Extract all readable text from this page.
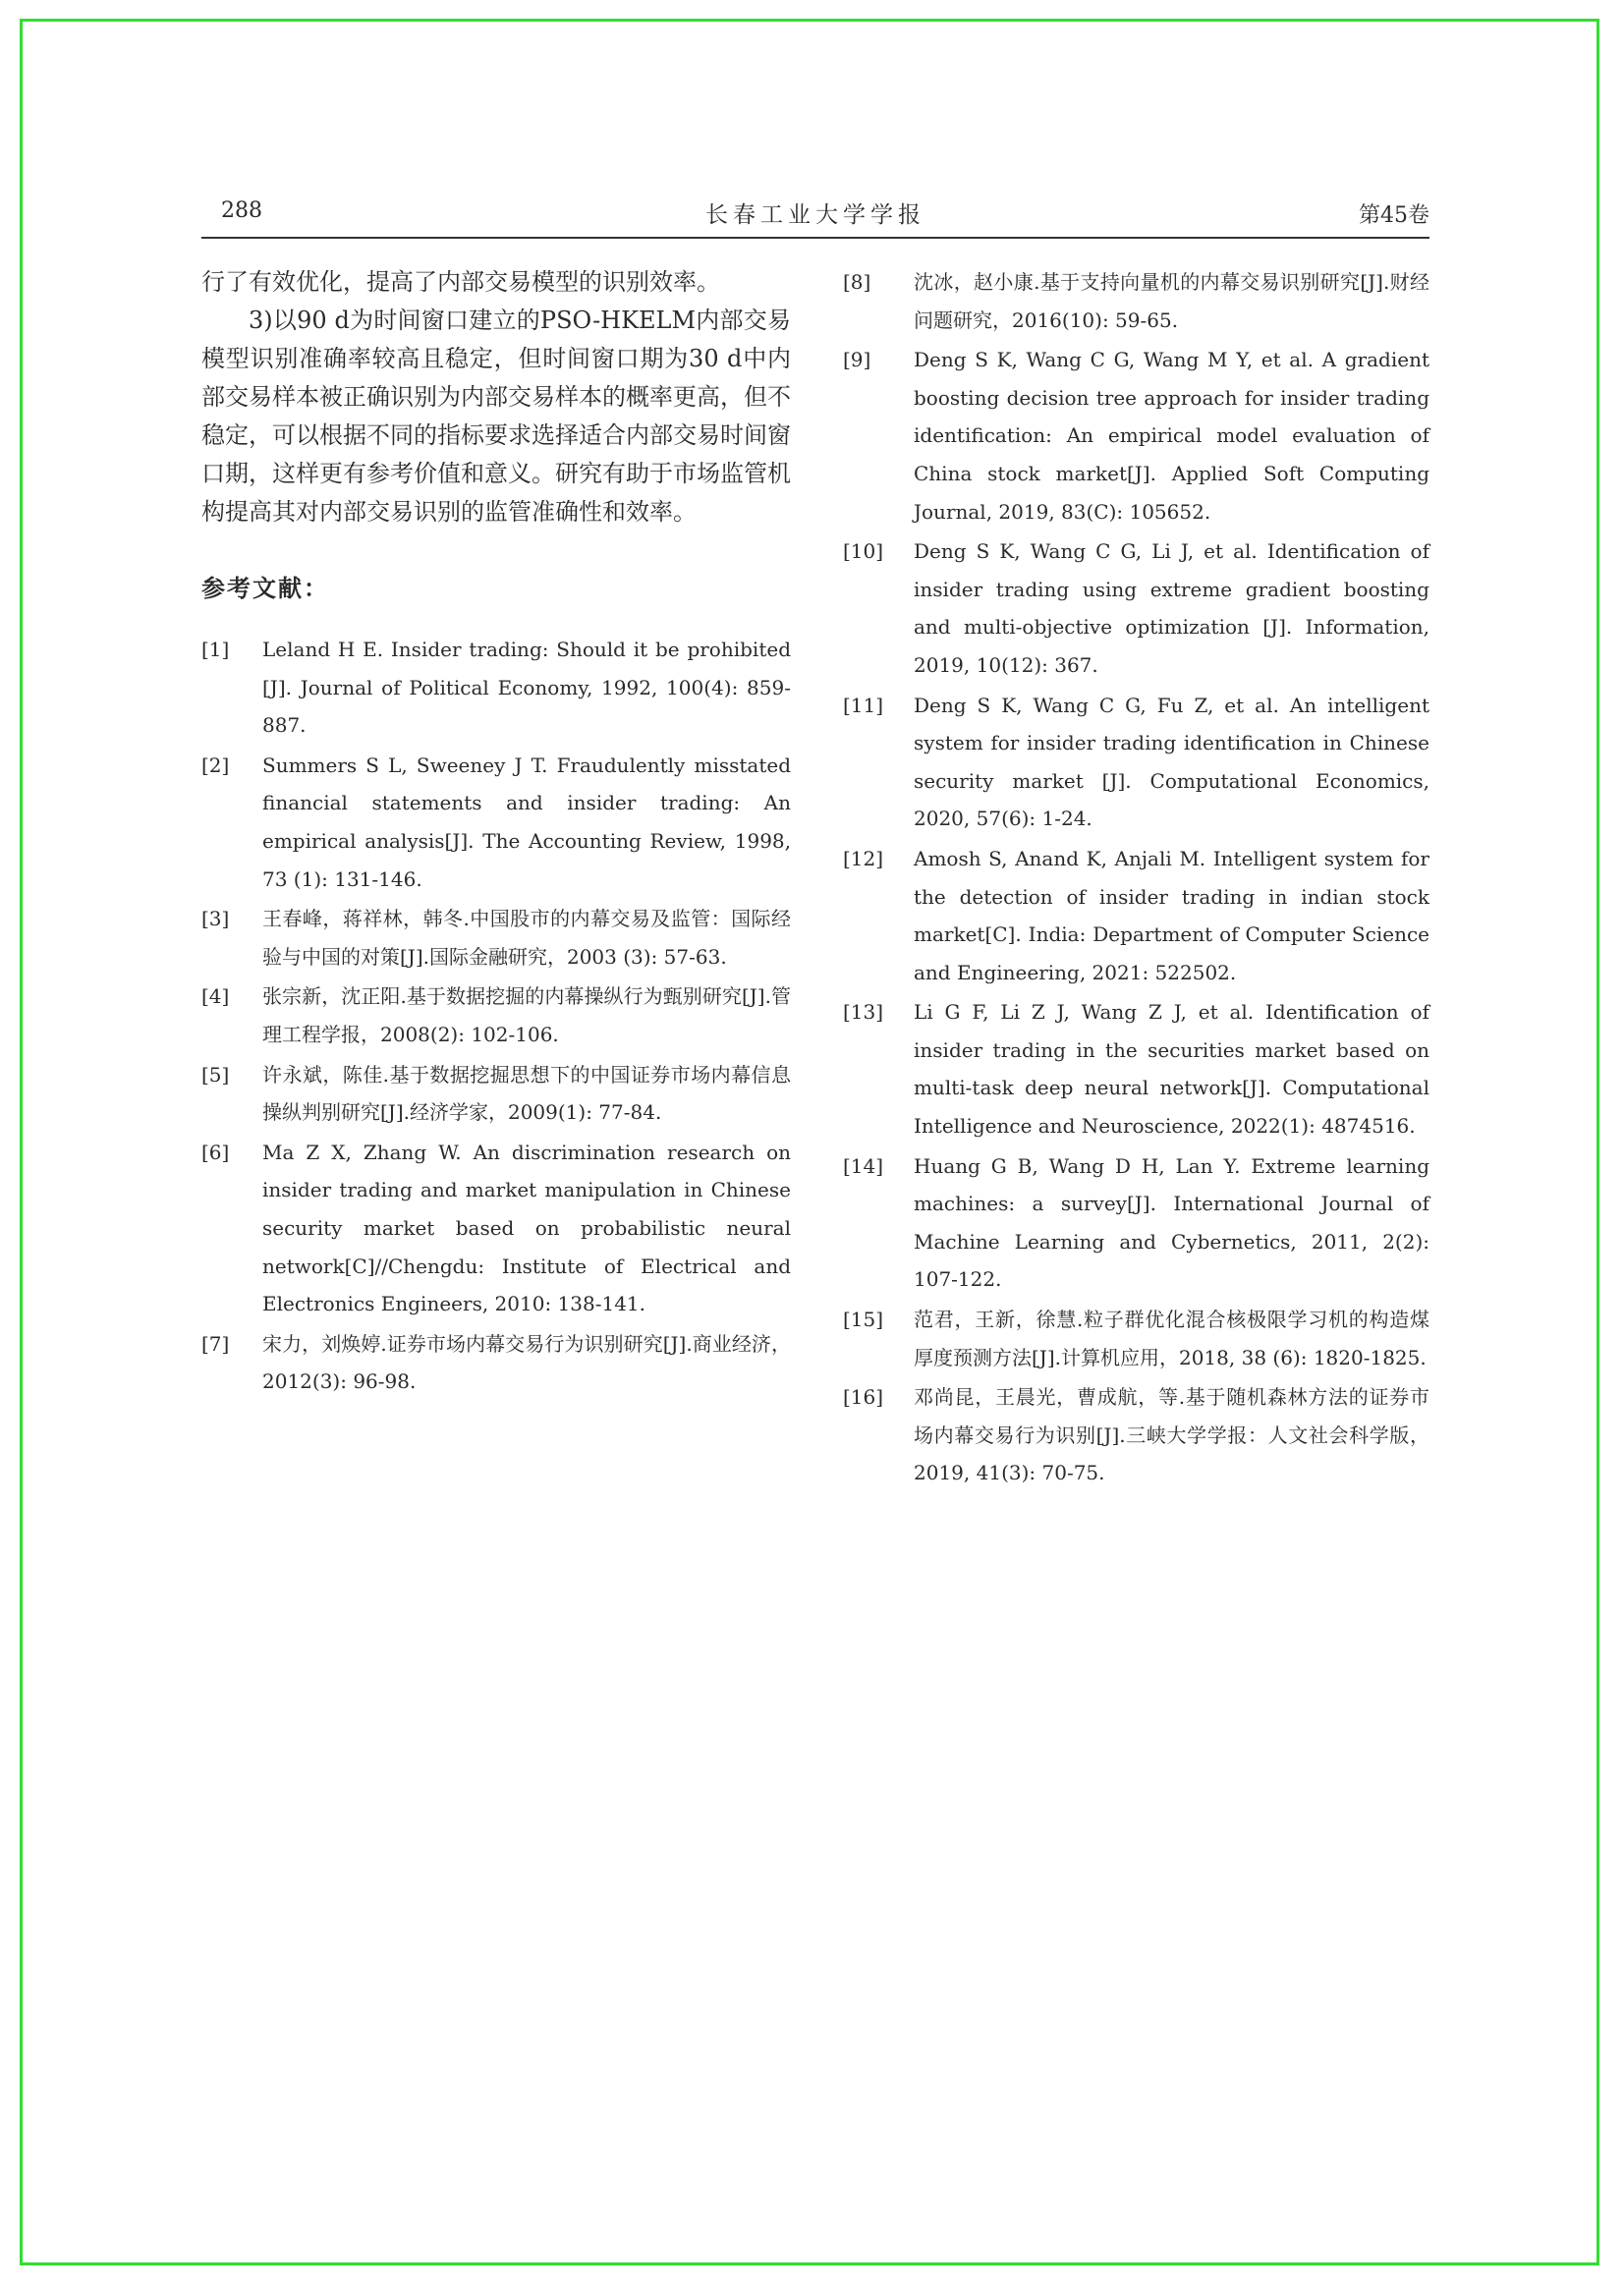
288	长春工业大学学报	第45卷

行了有效优化，提高了内部交易模型的识别效率。

3)以90 d为时间窗口建立的PSO-HKELM内部交易模型识别准确率较高且稳定，但时间窗口期为30 d中内部交易样本被正确识别为内部交易样本的概率更高，但不稳定，可以根据不同的指标要求选择适合内部交易时间窗口期，这样更有参考价值和意义。研究有助于市场监管机构提高其对内部交易识别的监管准确性和效率。

参考文献：
[1]	Leland H E. Insider trading: Should it be prohibited [J]. Journal of Political Economy, 1992, 100(4): 859-887.
[2]	Summers S L, Sweeney J T. Fraudulently misstated financial statements and insider trading: An empirical analysis[J]. The Accounting Review, 1998, 73 (1): 131-146.
[3]	王春峰，蒋祥林，韩冬.中国股市的内幕交易及监管：国际经验与中国的对策[J].国际金融研究，2003 (3): 57-63.
[4]	张宗新，沈正阳.基于数据挖掘的内幕操纵行为甄别研究[J].管理工程学报，2008(2): 102-106.
[5]	许永斌，陈佳.基于数据挖掘思想下的中国证券市场内幕信息操纵判别研究[J].经济学家，2009(1): 77-84.
[6]	Ma Z X, Zhang W. An discrimination research on insider trading and market manipulation in Chinese security market based on probabilistic neural network[C]//Chengdu: Institute of Electrical and Electronics Engineers, 2010: 138-141.
[7]	宋力，刘焕婷.证券市场内幕交易行为识别研究[J].商业经济，2012(3): 96-98.
[8]	沈冰，赵小康.基于支持向量机的内幕交易识别研究[J].财经问题研究，2016(10): 59-65.
[9]	Deng S K, Wang C G, Wang M Y, et al. A gradient boosting decision tree approach for insider trading identification: An empirical model evaluation of China stock market[J]. Applied Soft Computing Journal, 2019, 83(C): 105652.
[10]	Deng S K, Wang C G, Li J, et al. Identification of insider trading using extreme gradient boosting and multi-objective optimization [J]. Information, 2019, 10(12): 367.
[11]	Deng S K, Wang C G, Fu Z, et al. An intelligent system for insider trading identification in Chinese security market [J]. Computational Economics, 2020, 57(6): 1-24.
[12]	Amosh S, Anand K, Anjali M. Intelligent system for the detection of insider trading in indian stock market[C]. India: Department of Computer Science and Engineering, 2021: 522502.
[13]	Li G F, Li Z J, Wang Z J, et al. Identification of insider trading in the securities market based on multi-task deep neural network[J]. Computational Intelligence and Neuroscience, 2022(1): 4874516.
[14]	Huang G B, Wang D H, Lan Y. Extreme learning machines: a survey[J]. International Journal of Machine Learning and Cybernetics, 2011, 2(2): 107-122.
[15]	范君，王新，徐慧.粒子群优化混合核极限学习机的构造煤厚度预测方法[J].计算机应用，2018, 38 (6): 1820-1825.
[16]	邓尚昆，王晨光，曹成航，等.基于随机森林方法的证券市场内幕交易行为识别[J].三峡大学学报：人文社会科学版，2019, 41(3): 70-75.
